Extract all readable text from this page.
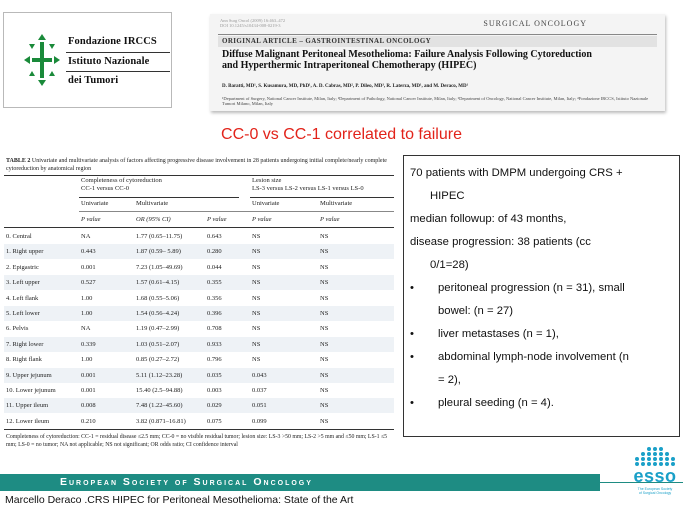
Fondazione IRCCS
Istituto Nazionale
dei Tumori
Ann Surg Oncol (2009) 16:463–472
DOI 10.1245/s10434-008-0219-3	SURGICAL ONCOLOGY
ORIGINAL ARTICLE – GASTROINTESTINAL ONCOLOGY
Diffuse Malignant Peritoneal Mesothelioma: Failure Analysis Following Cytoreduction and Hyperthermic Intraperitoneal Chemotherapy (HIPEC)
D. Baratti, MD¹, S. Kusamura, MD, PhD¹, A. D. Cabras, MD², P. Dileo, MD³, R. Laterza, MD¹, and M. Deraco, MD¹
¹Department of Surgery, National Cancer Institute, Milan, Italy; ²Department of Pathology, National Cancer Institute, Milan, Italy; ³Department of Oncology, National Cancer Institute, Milan, Italy; ⁴Fondazione IRCCS, Istituto Nazionale Tumori Milano, Milan, Italy
CC-0 vs CC-1 correlated to failure
TABLE 2 Univariate and multivariate analysis of factors affecting progressive disease involvement in 28 patients undergoing initial complete/nearly complete cytoreduction by anatomical region
Completeness of cytoreduction
CC-1 versus CC-0
Lesion size
LS-3 versus LS-2 versus LS-1 versus LS-0
Univariate	Multivariate	Univariate	Multivariate
P value	OR (95% CI)	P value	P value	P value
0. Central	NA	1.77 (0.65–11.75)	0.643	NS	NS
1. Right upper	0.443	1.87 (0.59– 5.89)	0.280	NS	NS
2. Epigastric	0.001	7.23 (1.05–49.69)	0.044	NS	NS
3. Left upper	0.527	1.57 (0.61–4.15)	0.355	NS	NS
4. Left flank	1.00	1.68 (0.55–5.06)	0.356	NS	NS
5. Left lower	1.00	1.54 (0.56–4.24)	0.396	NS	NS
6. Pelvis	NA	1.19 (0.47–2.99)	0.708	NS	NS
7. Right lower	0.339	1.03 (0.51–2.07)	0.933	NS	NS
8. Right flank	1.00	0.85 (0.27–2.72)	0.796	NS	NS
9. Upper jejunum	0.001	5.11 (1.12–23.28)	0.035	0.043	NS
10. Lower jejunum	0.001	15.40 (2.5–94.88)	0.003	0.037	NS
11. Upper ileum	0.008	7.48 (1.22–45.60)	0.029	0.051	NS
12. Lower ileum	0.210	3.82 (0.871–16.81)	0.075	0.099	NS
Completeness of cytoreduction: CC-1 = residual disease ≤2.5 mm; CC-0 = no visible residual tumor; lesion size: LS-3 >50 mm; LS-2 >5 mm and ≤50 mm; LS-1 ≤5 mm; LS-0 = no tumor; NA not applicable; NS not significant; OR odds ratio; CI confidence interval
70 patients with DMPM undergoing CRS +
HIPEC
median followup: of 43 months,
disease progression: 38 patients (cc
0/1=28)
• peritoneal progression (n = 31), small
bowel: (n = 27)
• liver metastases (n = 1),
• abdominal lymph-node involvement (n
= 2),
• pleural seeding (n = 4).
European Society of Surgical Oncology
Marcello Deraco .CRS HIPEC for Peritoneal Mesothelioma: State of the Art
esso
The European Society
of Surgical Oncology
